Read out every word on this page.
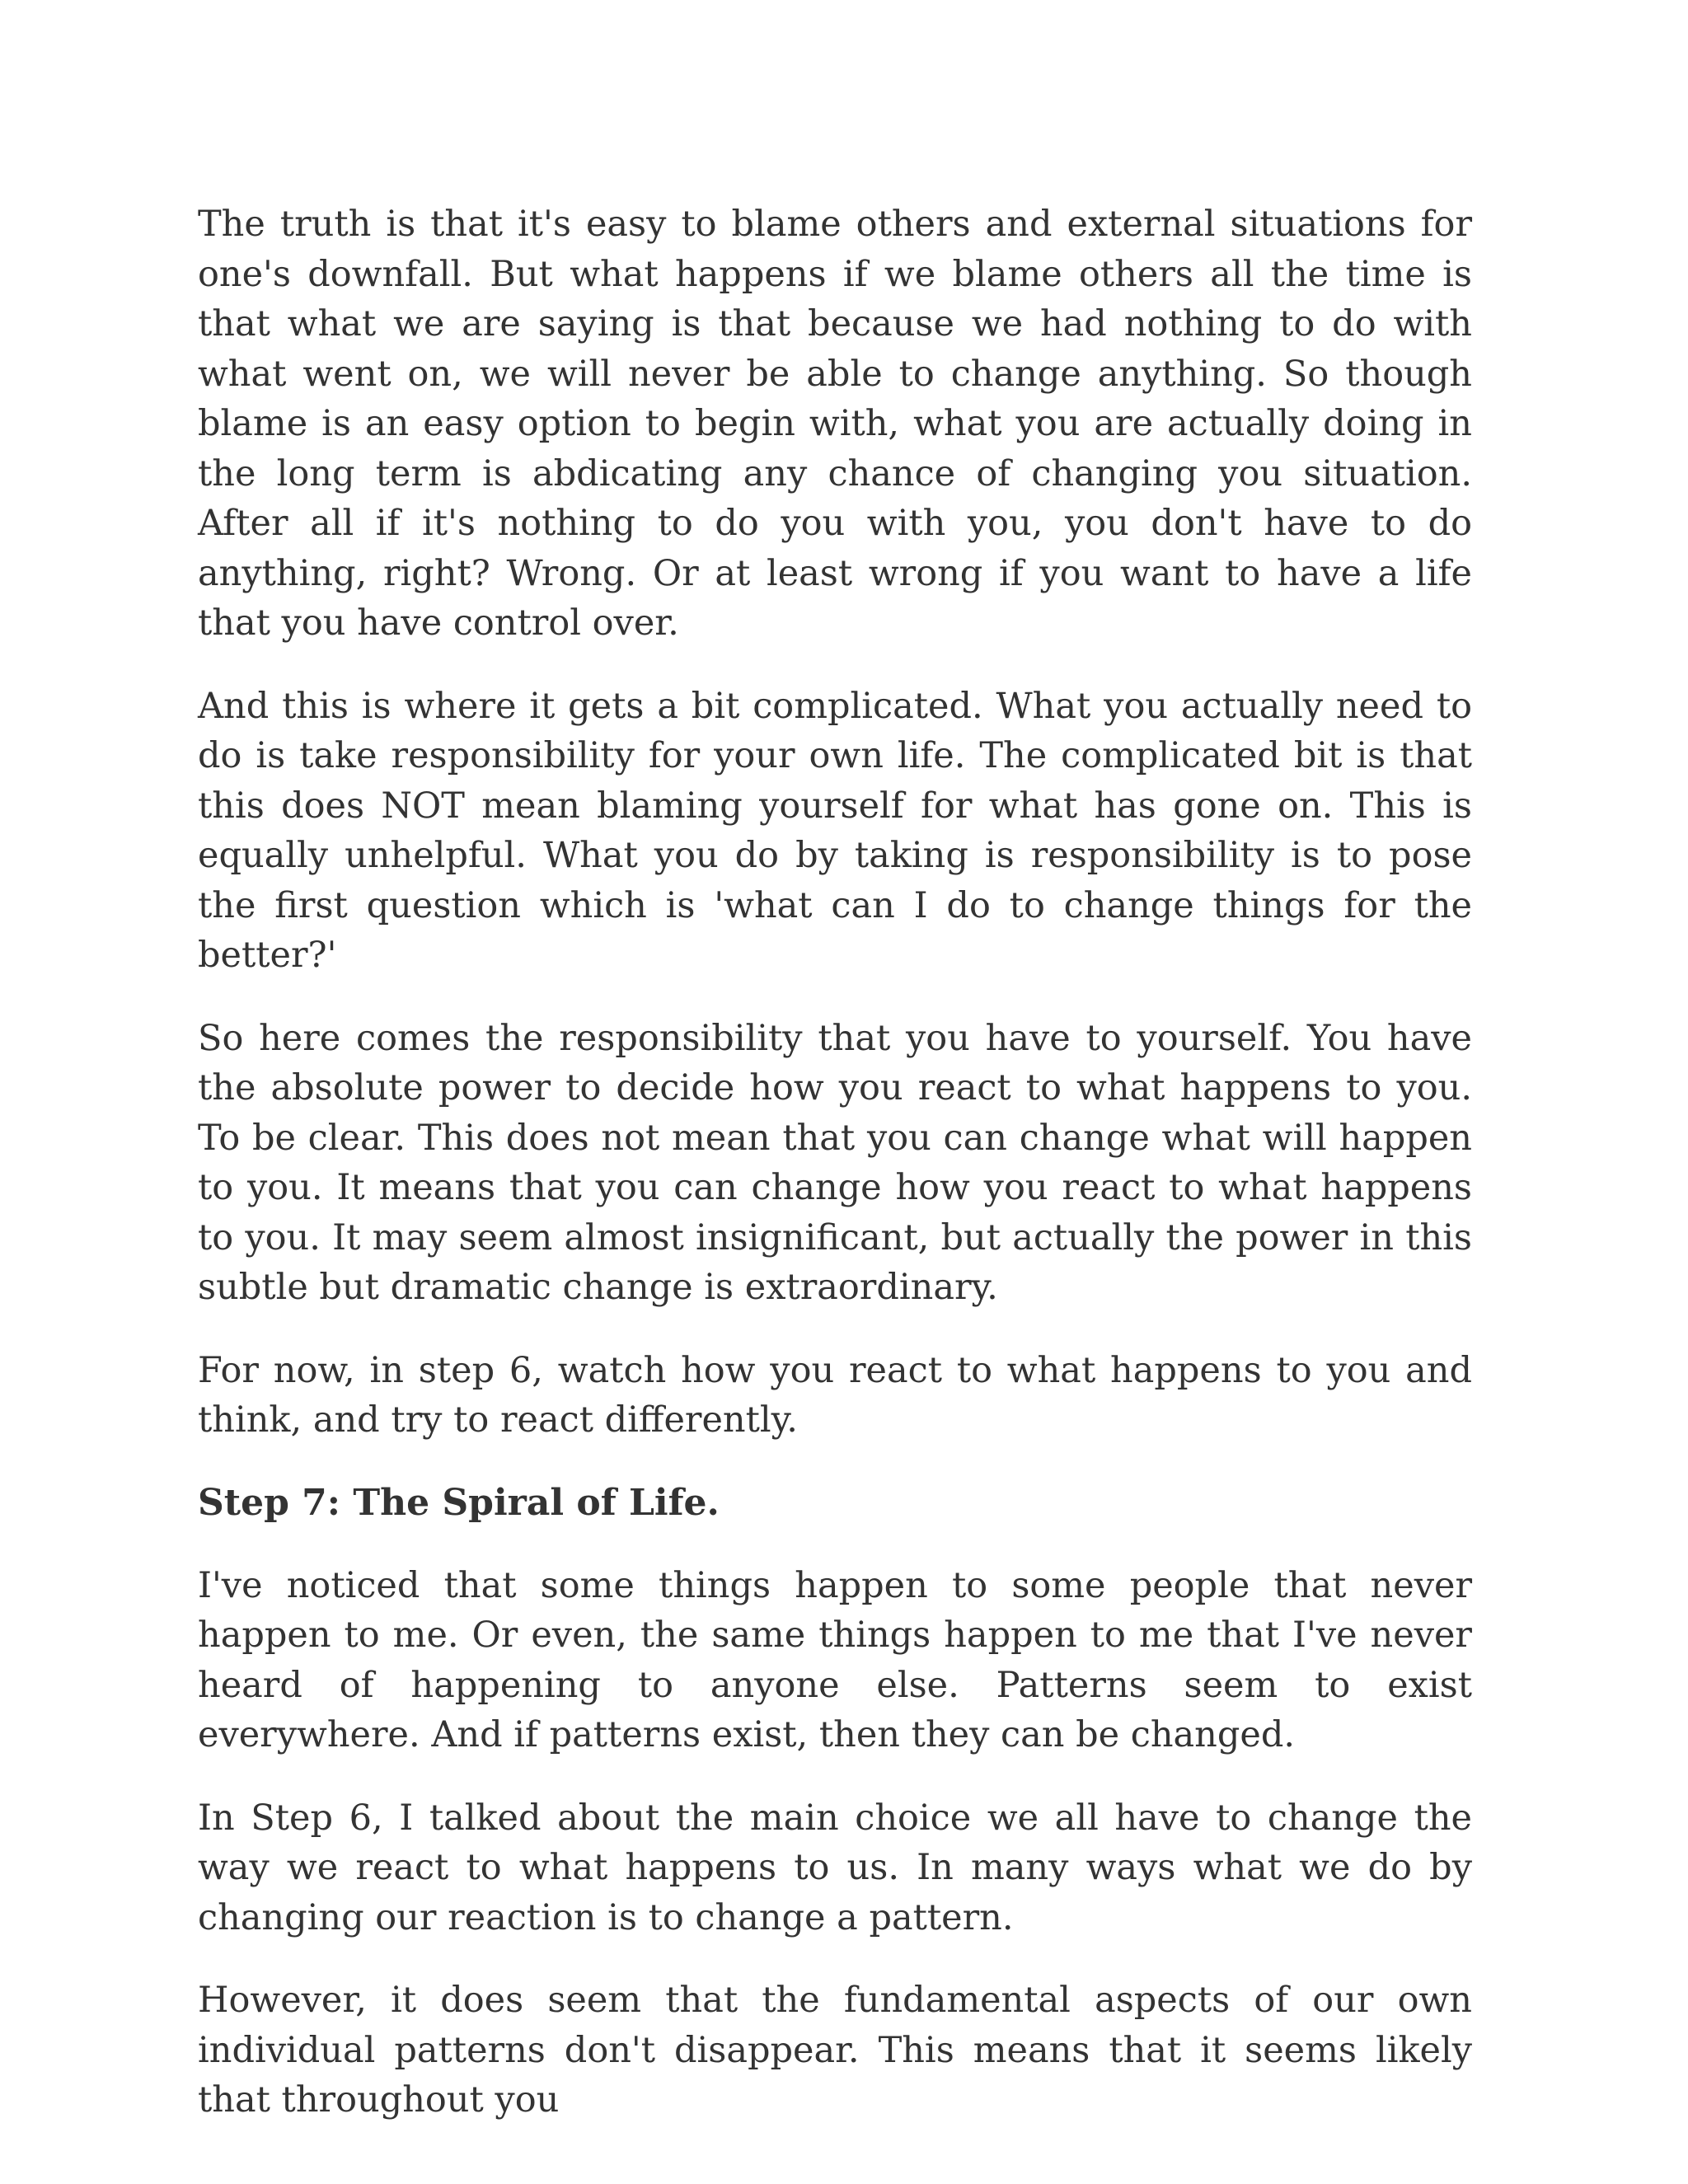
The truth is that it's easy to blame others and external situations for one's downfall. But what happens if we blame others all the time is that what we are saying is that because we had nothing to do with what went on, we will never be able to change anything. So though blame is an easy option to begin with, what you are actually doing in the long term is abdicating any chance of changing you situation. After all if it's nothing to do you with you, you don't have to do anything, right? Wrong. Or at least wrong if you want to have a life that you have control over.

And this is where it gets a bit complicated. What you actually need to do is take responsibility for your own life. The complicated bit is that this does NOT mean blaming yourself for what has gone on. This is equally unhelpful. What you do by taking is responsibility is to pose the first question which is 'what can I do to change things for the better?'

So here comes the responsibility that you have to yourself. You have the absolute power to decide how you react to what happens to you. To be clear. This does not mean that you can change what will happen to you. It means that you can change how you react to what happens to you. It may seem almost insignificant, but actually the power in this subtle but dramatic change is extraordinary.

For now, in step 6, watch how you react to what happens to you and think, and try to react differently.

Step 7: The Spiral of Life.

I've noticed that some things happen to some people that never happen to me. Or even, the same things happen to me that I've never heard of happening to anyone else. Patterns seem to exist everywhere. And if patterns exist, then they can be changed.

In Step 6, I talked about the main choice we all have to change the way we react to what happens to us. In many ways what we do by changing our reaction is to change a pattern.

However, it does seem that the fundamental aspects of our own individual patterns don't disappear. This means that it seems likely that throughout you
